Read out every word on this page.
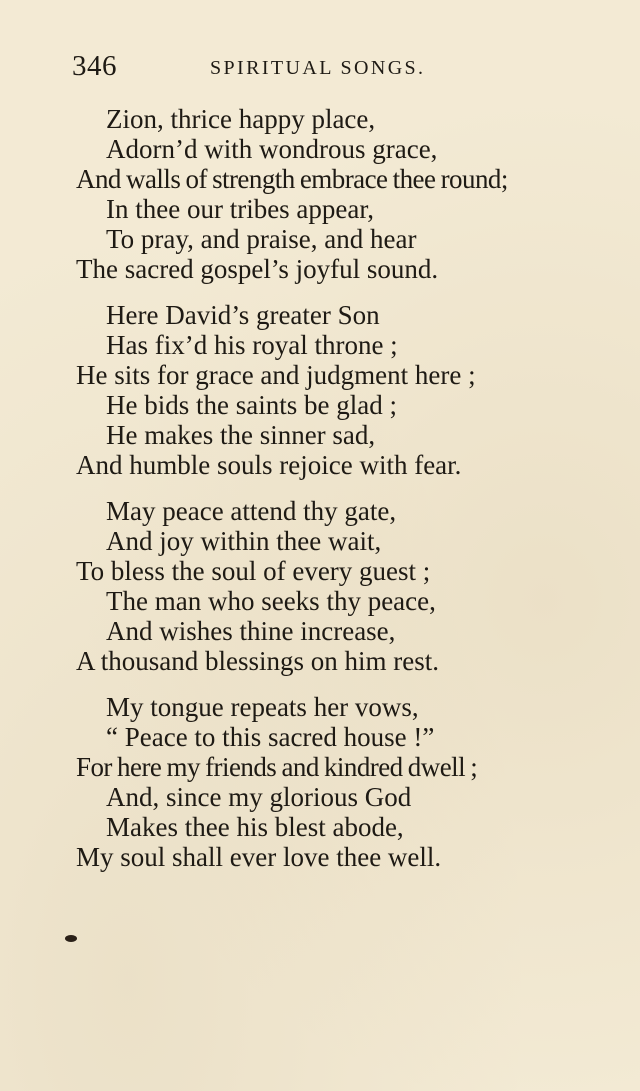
346	SPIRITUAL SONGS.
Zion, thrice happy place,
Adorn’d with wondrous grace,
And walls of strength embrace thee round;
In thee our tribes appear,
To pray, and praise, and hear
The sacred gospel’s joyful sound.
Here David’s greater Son
Has fix’d his royal throne ;
He sits for grace and judgment here ;
He bids the saints be glad ;
He makes the sinner sad,
And humble souls rejoice with fear.
May peace attend thy gate,
And joy within thee wait,
To bless the soul of every guest ;
The man who seeks thy peace,
And wishes thine increase,
A thousand blessings on him rest.
My tongue repeats her vows,
“ Peace to this sacred house !”
For here my friends and kindred dwell ;
And, since my glorious God
Makes thee his blest abode,
My soul shall ever love thee well.
